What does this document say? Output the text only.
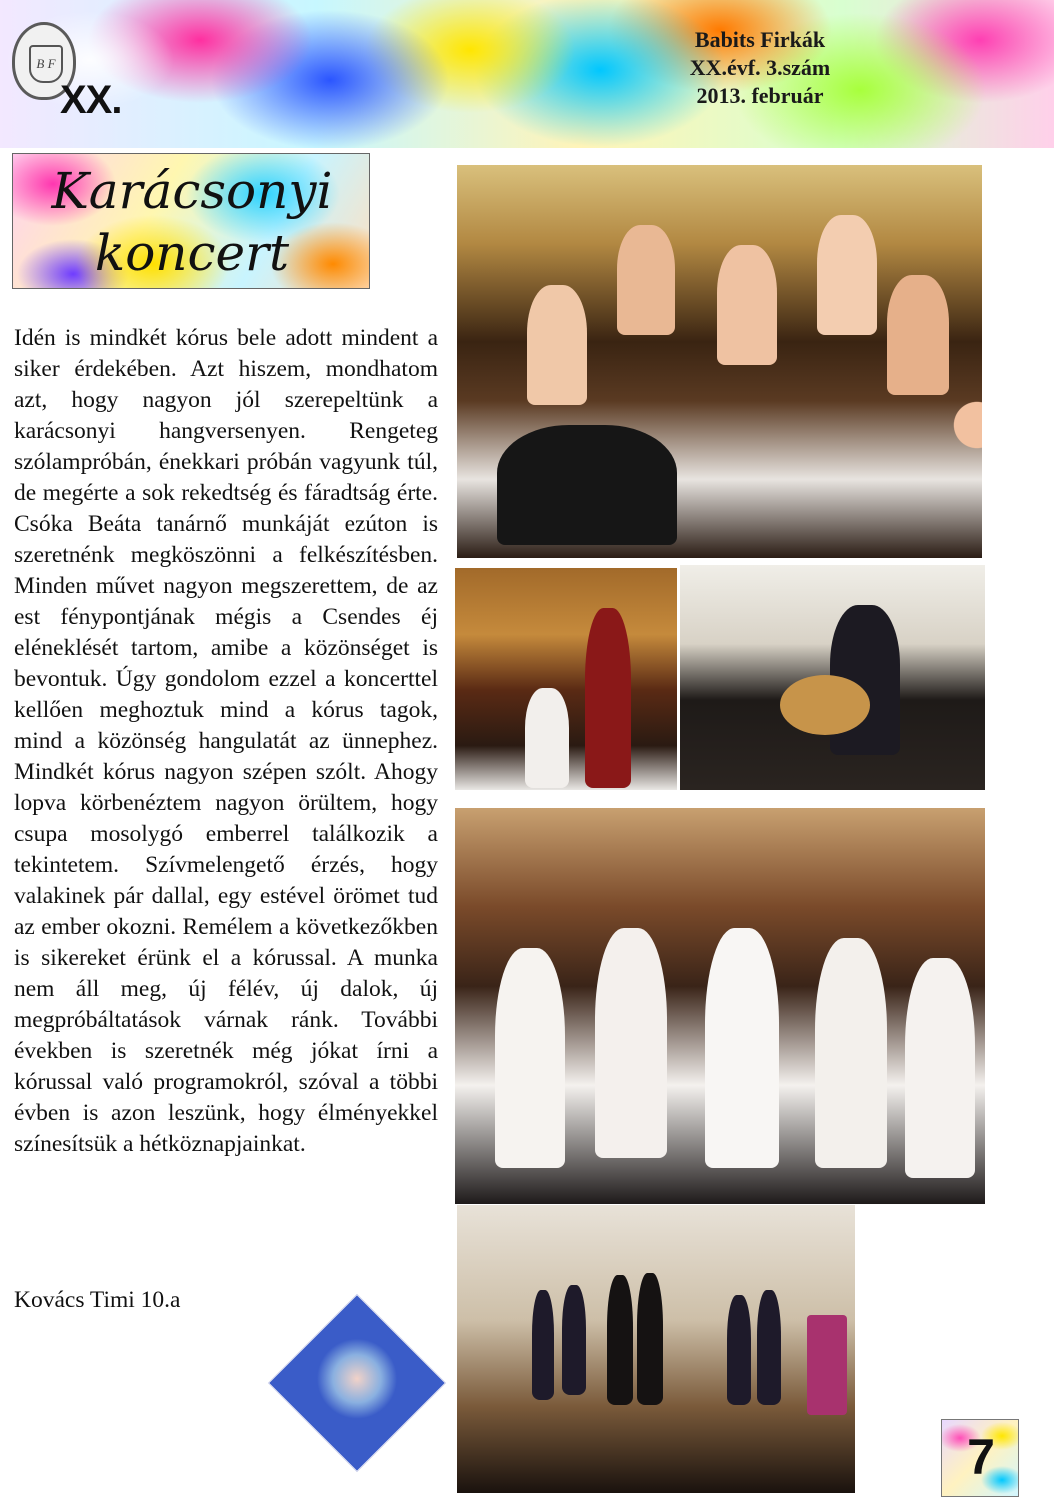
B F
XX.
Babits Firkák
XX.évf. 3.szám
2013. február
Karácsonyi
koncert

Idén is mindkét kórus bele adott mindent a siker érdekében. Azt hiszem, mondhatom azt, hogy nagyon jól szerepeltünk a karácsonyi hangversenyen. Rengeteg szólampróbán, énekkari próbán vagyunk túl, de megérte a sok rekedtség és fáradtság érte. Csóka Beáta tanárnő munkáját ezúton is szeretnénk megköszönni a felkészítésben. Minden művet nagyon megszerettem, de az est fénypontjának mégis a Csendes éj eléneklését tartom, amibe a közönséget is bevontuk. Úgy gondolom ezzel a koncerttel kellően meghoztuk mind a kórus tagok, mind a közönség hangulatát az ünnephez. Mindkét kórus nagyon szépen szólt. Ahogy lopva körbenéztem nagyon örültem, hogy csupa mosolygó emberrel találkozik a tekintetem. Szívmelengető érzés, hogy valakinek pár dallal, egy estével örömet tud az ember okozni. Remélem a következőkben is sikereket érünk el a kórussal. A munka nem áll meg, új félév, új dalok, új megpróbáltatások várnak ránk. További években is szeretnék még jókat írni a kórussal való programokról, szóval a többi évben is azon leszünk, hogy élményekkel színesítsük a hétköznapjainkat.

Kovács Timi 10.a
7
